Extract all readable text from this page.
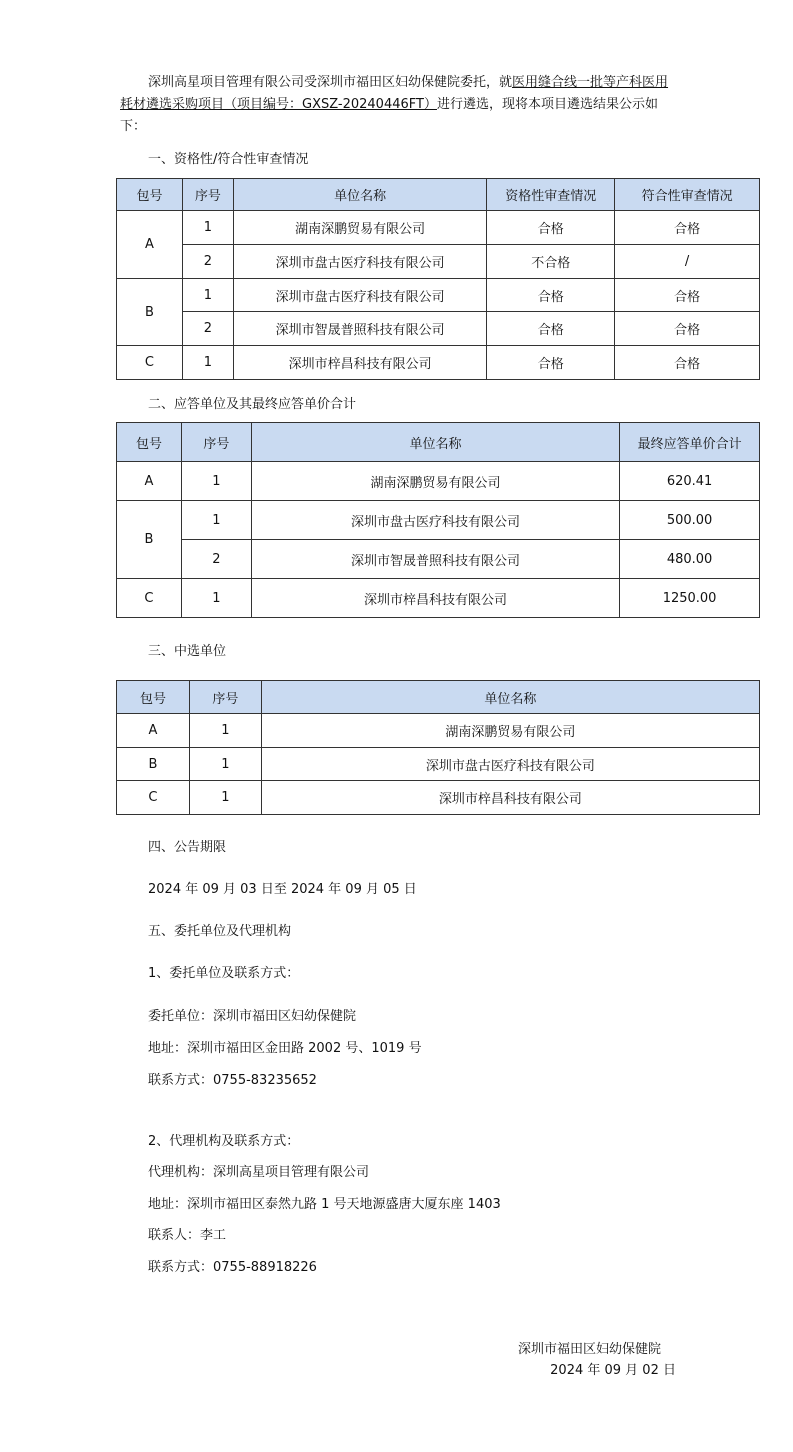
深圳高星项目管理有限公司受深圳市福田区妇幼保健院委托，就医用缝合线一批等产科医用耗材遴选采购项目（项目编号：GXSZ-20240446FT）进行遴选，现将本项目遴选结果公示如下：
一、资格性/符合性审查情况
包号	序号	单位名称	资格性审查情况	符合性审查情况
A	1	湖南深鹏贸易有限公司	合格	合格
	2	深圳市盘古医疗科技有限公司	不合格	/
B	1	深圳市盘古医疗科技有限公司	合格	合格
	2	深圳市智晟普照科技有限公司	合格	合格
C	1	深圳市梓昌科技有限公司	合格	合格
二、应答单位及其最终应答单价合计
包号	序号	单位名称	最终应答单价合计
A	1	湖南深鹏贸易有限公司	620.41
B	1	深圳市盘古医疗科技有限公司	500.00
	2	深圳市智晟普照科技有限公司	480.00
C	1	深圳市梓昌科技有限公司	1250.00
三、中选单位
包号	序号	单位名称
A	1	湖南深鹏贸易有限公司
B	1	深圳市盘古医疗科技有限公司
C	1	深圳市梓昌科技有限公司
四、公告期限
2024 年 09 月 03 日至 2024 年 09 月 05 日
五、委托单位及代理机构
1、委托单位及联系方式：
委托单位：深圳市福田区妇幼保健院
地址：深圳市福田区金田路 2002 号、1019 号
联系方式：0755-83235652
2、代理机构及联系方式：
代理机构：深圳高星项目管理有限公司
地址：深圳市福田区泰然九路 1 号天地源盛唐大厦东座 1403
联系人：李工
联系方式：0755-88918226
深圳市福田区妇幼保健院
2024 年 09 月 02 日
